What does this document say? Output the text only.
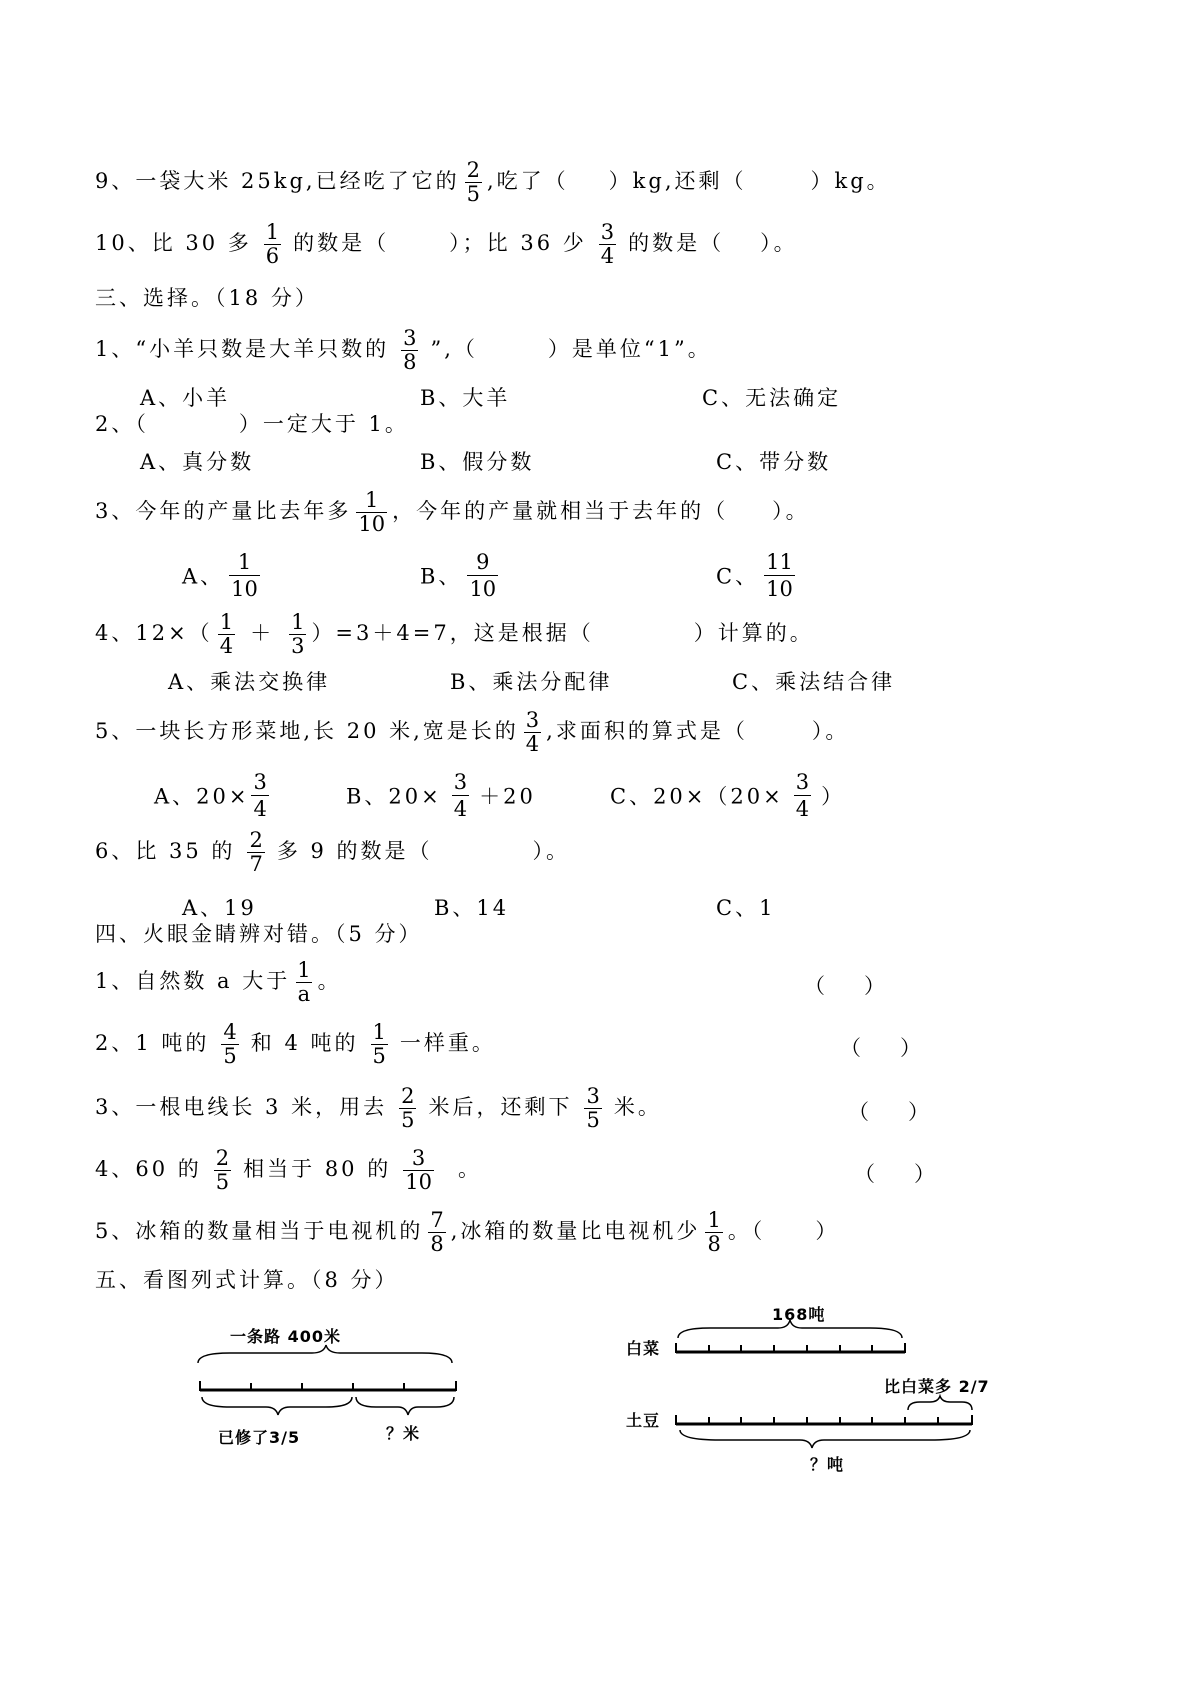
9、一袋大米 25kg,已经吃了它的 $\frac{2}{5}$ ,吃了（ ）kg,还剩（	）kg。
10、比 30 多 $\frac{1}{6}$ 的数是（	）；比 36 少 $\frac{3}{4}$ 的数是（ ）。
三、选择。（18 分）
1、“小羊只数是大羊只数的 $\frac{3}{8}$ ”,（	）是单位“1”。
A、小羊	B、大羊	C、无法确定
2、（	）一定大于 1。
A、真分数	B、假分数	C、带分数
3、今年的产量比去年多 $\frac{1}{10}$ ，今年的产量就相当于去年的（ ）。
A、 $\frac{1}{10}$	B、 $\frac{9}{10}$	C、 $\frac{11}{10}$
4、$12\times( \frac{1}{4} + \frac{1}{3} )=3+4=7$，这是根据（	）计算的。
A、乘法交换律	B、乘法分配律	C、乘法结合律
5、一块长方形菜地,长 20 米,宽是长的 $\frac{3}{4}$ ,求面积的算式是（	）。
A、$20\times \frac{3}{4}$	B、$20\times \frac{3}{4} +20$	C、$20\times(20\times \frac{3}{4}$ ）
6、比 35 的 $\frac{2}{7}$ 多 9 的数是（	）。
A、19	B、14	C、1
四、火眼金睛辨对错。（5 分）
1、自然数 a 大于 $\frac{1}{a}$ 。	（ ）
2、1 吨的 $\frac{4}{5}$ 和 4 吨的 $\frac{1}{5}$ 一样重。	（ ）
3、一根电线长 3 米，用去 $\frac{2}{5}$ 米后，还剩下 $\frac{3}{5}$ 米。	（ ）
4、60 的 $\frac{2}{5}$ 相当于 80 的 $\frac{3}{10}$ 。	（ ）
5、冰箱的数量相当于电视机的 $\frac{7}{8}$ ,冰箱的数量比电视机少 $\frac{1}{8}$ 。（ ）
五、看图列式计算。（8 分）
一条路 400米
已修了3/5	？米
168吨
白菜
比白菜多 2/7
土豆
？吨
